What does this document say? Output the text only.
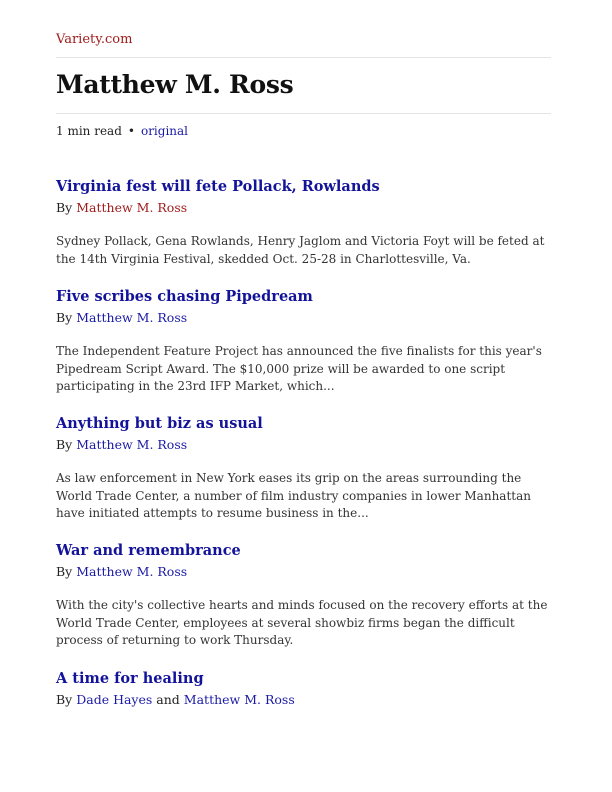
Variety.com
Matthew M. Ross
1 min read • original
Virginia fest will fete Pollack, Rowlands
By Matthew M. Ross

Sydney Pollack, Gena Rowlands, Henry Jaglom and Victoria Foyt will be feted at the 14th Virginia Festival, skedded Oct. 25-28 in Charlottesville, Va.

Five scribes chasing Pipedream
By Matthew M. Ross

The Independent Feature Project has announced the five finalists for this year's Pipedream Script Award. The $10,000 prize will be awarded to one script participating in the 23rd IFP Market, which...

Anything but biz as usual
By Matthew M. Ross

As law enforcement in New York eases its grip on the areas surrounding the World Trade Center, a number of film industry companies in lower Manhattan have initiated attempts to resume business in the...

War and remembrance
By Matthew M. Ross

With the city's collective hearts and minds focused on the recovery efforts at the World Trade Center, employees at several showbiz firms began the difficult process of returning to work Thursday.

A time for healing
By Dade Hayes and Matthew M. Ross
